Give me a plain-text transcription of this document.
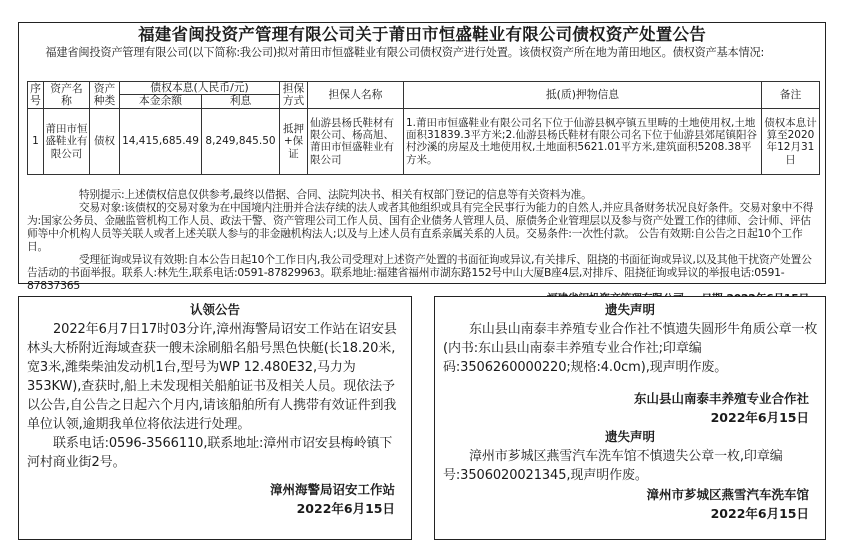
福建省闽投资产管理有限公司关于莆田市恒盛鞋业有限公司债权资产处置公告

福建省闽投资产管理有限公司(以下简称:我公司)拟对莆田市恒盛鞋业有限公司债权资产进行处置。该债权资产所在地为莆田地区。债权资产基本情况:

序号	资产名称	资产种类	债权本息(人民币/元)		担保方式	担保人名称	抵(质)押物信息	备注
			本金余额	利息				
1	莆田市恒盛鞋业有限公司	债权	14,415,685.49	8,249,845.50	抵押+保证	仙游县杨氏鞋材有限公司、杨高旭、莆田市恒盛鞋业有限公司	1.莆田市恒盛鞋业有限公司名下位于仙游县枫亭镇五里畴的土地使用权,土地面积31839.3平方米;2.仙游县杨氏鞋材有限公司名下位于仙游县郊尾镇阳谷村沙溪的房屋及土地使用权,土地面积5621.01平方米,建筑面积5208.38平方米。	债权本息计算至2020年12月31日

特别提示:上述债权信息仅供参考,最终以借据、合同、法院判决书、相关有权部门登记的信息等有关资料为准。

交易对象:该债权的交易对象为在中国境内注册并合法存续的法人或者其他组织或具有完全民事行为能力的自然人,并应具备财务状况良好条件。交易对象中不得为:国家公务员、金融监管机构工作人员、政法干警、资产管理公司工作人员、国有企业债务人管理人员、原债务企业管理层以及参与资产处置工作的律师、会计师、评估师等中介机构人员等关联人或者上述关联人参与的非金融机构法人;以及与上述人员有直系亲属关系的人员。交易条件:一次性付款。 公告有效期:自公告之日起10个工作日。

受理征询或异议有效期:自本公告日起10个工作日内,我公司受理对上述资产处置的书面征询或异议,有关排斥、阻挠的书面征询或异议,以及其他干扰资产处置公告活动的书面举报。联系人:林先生,联系电话:0591-87829963。联系地址:福建省福州市湖东路152号中山大厦B座4层,对排斥、阻挠征询或异议的举报电话:0591-87837365

认领公告

2022年6月7日17时03分许,漳州海警局诏安工作站在诏安县林头大桥附近海域查获一艘未涂刷船名船号黑色快艇(长18.20米,宽3米,潍柴柴油发动机1台,型号为WP 12.480E32,马力为353KW),查获时,船上未发现相关船舶证书及相关人员。现依法予以公告,自公告之日起六个月内,请该船舶所有人携带有效证件到我单位认领,逾期我单位将依法进行处理。

联系电话:0596-3566110,联系地址:漳州市诏安县梅岭镇下河村商业街2号。

漳州海警局诏安工作站
2022年6月15日
遗失声明

东山县山南泰丰养殖专业合作社不慎遗失圆形牛角质公章一枚(内书:东山县山南泰丰养殖专业合作社;印章编码:3506260000220;规格:4.0cm),现声明作废。

东山县山南泰丰养殖专业合作社
2022年6月15日
遗失声明

漳州市芗城区燕雪汽车洗车馆不慎遗失公章一枚,印章编号:3506020021345,现声明作废。

漳州市芗城区燕雪汽车洗车馆
2022年6月15日
